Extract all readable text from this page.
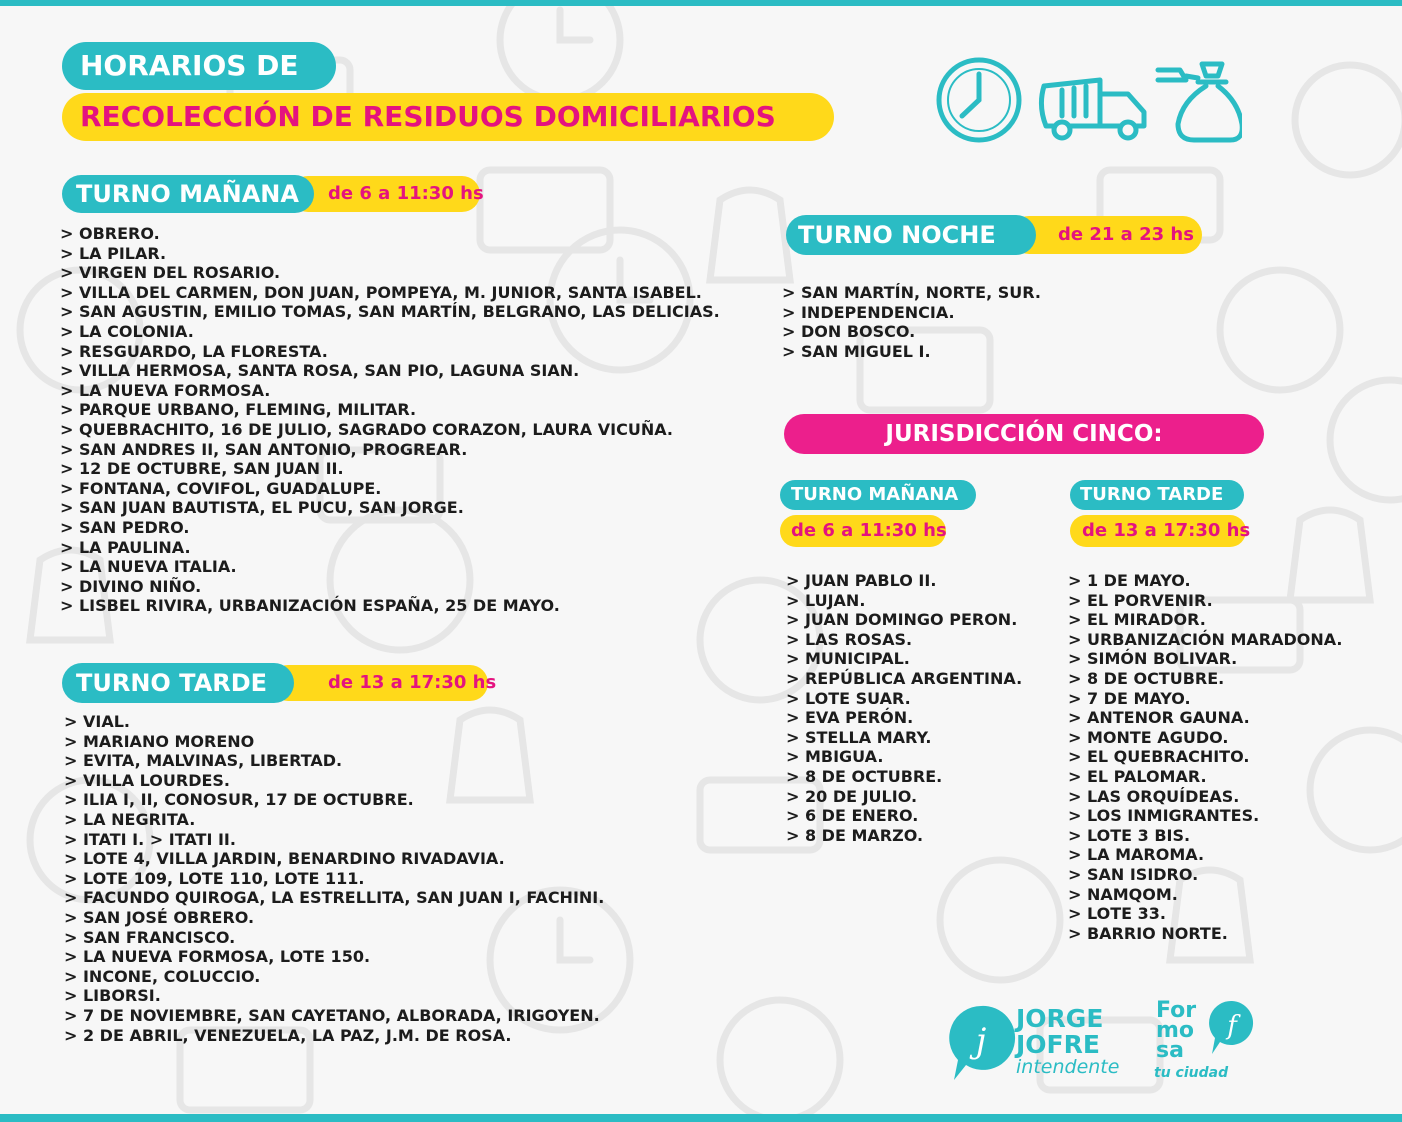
HORARIOS DE
RECOLECCIÓN DE RESIDUOS DOMICILIARIOS
de 6 a 11:30 hs
TURNO MAÑANA
> OBRERO.
> LA PILAR.
> VIRGEN DEL ROSARIO.
> VILLA DEL CARMEN, DON JUAN, POMPEYA, M. JUNIOR, SANTA ISABEL.
> SAN AGUSTIN, EMILIO TOMAS, SAN MARTÍN, BELGRANO, LAS DELICIAS.
> LA COLONIA.
> RESGUARDO, LA FLORESTA.
> VILLA HERMOSA, SANTA ROSA, SAN PIO, LAGUNA SIAN.
> LA NUEVA FORMOSA.
> PARQUE URBANO, FLEMING, MILITAR.
> QUEBRACHITO, 16 DE JULIO, SAGRADO CORAZON, LAURA VICUÑA.
> SAN ANDRES II, SAN ANTONIO, PROGREAR.
> 12 DE OCTUBRE, SAN JUAN II.
> FONTANA, COVIFOL, GUADALUPE.
> SAN JUAN BAUTISTA, EL PUCU, SAN JORGE.
> SAN PEDRO.
> LA PAULINA.
> LA NUEVA ITALIA.
> DIVINO NIÑO.
> LISBEL RIVIRA, URBANIZACIÓN ESPAÑA, 25 DE MAYO.
de 13 a 17:30 hs
TURNO TARDE
> VIAL.
> MARIANO MORENO
> EVITA, MALVINAS, LIBERTAD.
> VILLA LOURDES.
> ILIA I, II, CONOSUR, 17 DE OCTUBRE.
> LA NEGRITA.
> ITATI I. > ITATI II.
> LOTE 4, VILLA JARDIN, BENARDINO RIVADAVIA.
> LOTE 109, LOTE 110, LOTE 111.
> FACUNDO QUIROGA, LA ESTRELLITA, SAN JUAN I, FACHINI.
> SAN JOSÉ OBRERO.
> SAN FRANCISCO.
> LA NUEVA FORMOSA, LOTE 150.
> INCONE, COLUCCIO.
> LIBORSI.
> 7 DE NOVIEMBRE, SAN CAYETANO, ALBORADA, IRIGOYEN.
> 2 DE ABRIL, VENEZUELA, LA PAZ, J.M. DE ROSA.
de 21 a 23 hs
TURNO NOCHE
> SAN MARTÍN, NORTE, SUR.
> INDEPENDENCIA.
> DON BOSCO.
> SAN MIGUEL I.
JURISDICCIÓN CINCO:
TURNO MAÑANA
de 6 a 11:30 hs
> JUAN PABLO II.
> LUJAN.
> JUAN DOMINGO PERON.
> LAS ROSAS.
> MUNICIPAL.
> REPÚBLICA ARGENTINA.
> LOTE SUAR.
> EVA PERÓN.
> STELLA MARY.
> MBIGUA.
> 8 DE OCTUBRE.
> 20 DE JULIO.
> 6 DE ENERO.
> 8 DE MARZO.
TURNO TARDE
de 13 a 17:30 hs
> 1 DE MAYO.
> EL PORVENIR.
> EL MIRADOR.
> URBANIZACIÓN MARADONA.
> SIMÓN BOLIVAR.
> 8 DE OCTUBRE.
> 7 DE MAYO.
> ANTENOR GAUNA.
> MONTE AGUDO.
> EL QUEBRACHITO.
> EL PALOMAR.
> LAS ORQUÍDEAS.
> LOS INMIGRANTES.
> LOTE 3 BIS.
> LA MAROMA.
> SAN ISIDRO.
> NAMQOM.
> LOTE 33.
> BARRIO NORTE.
j
JORGE
JOFRE
intendente
For
mo
sa
f
tu ciudad
